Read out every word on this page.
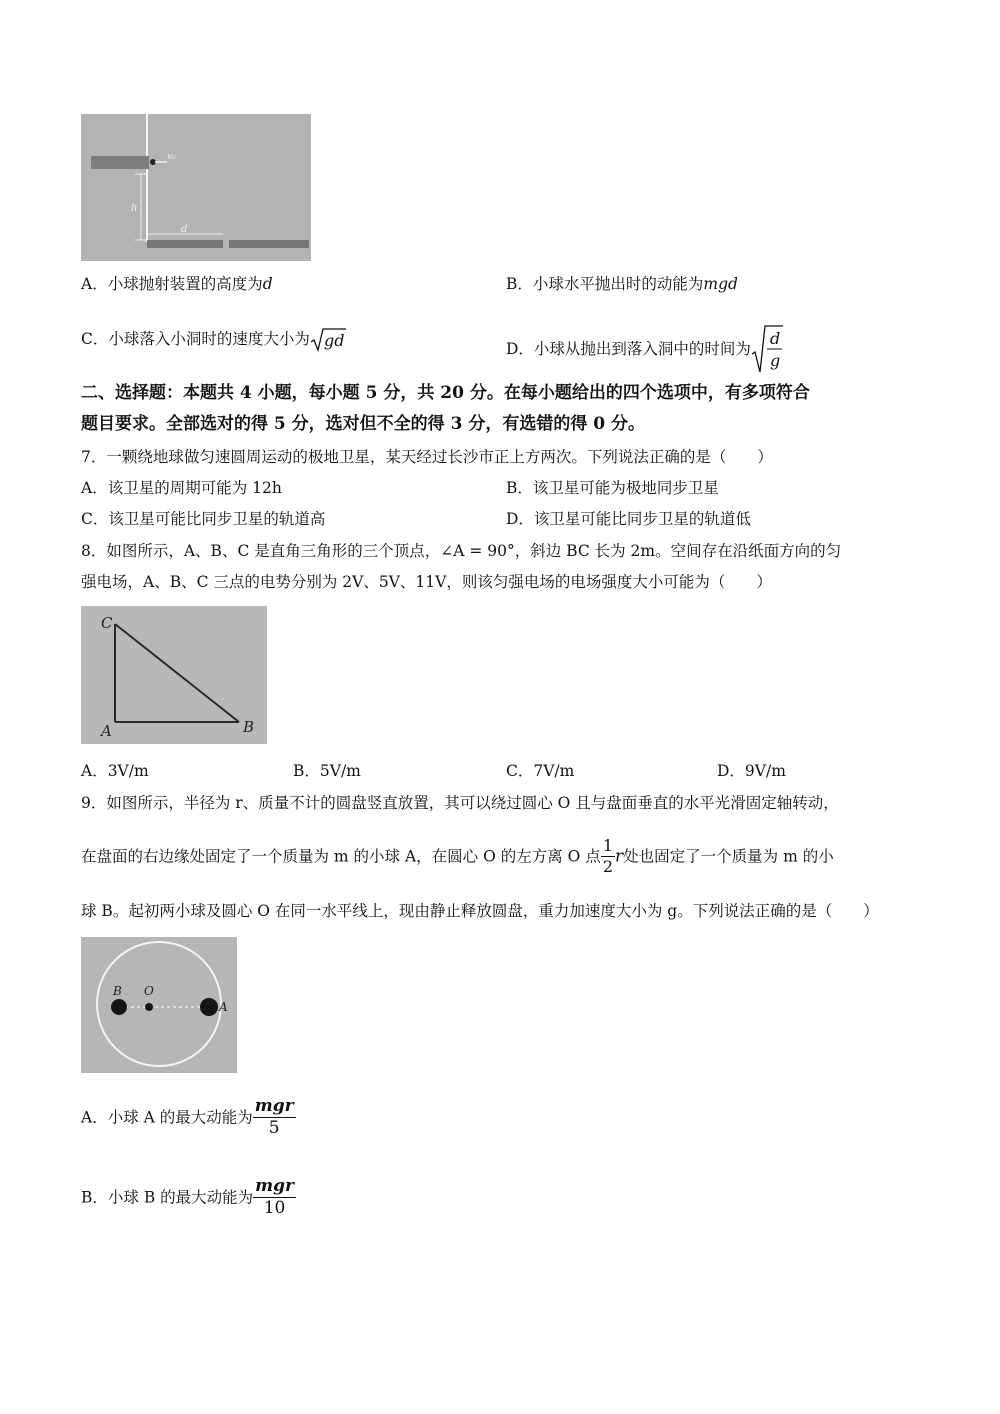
v₀
h
d
A．小球抛射装置的高度为d	B．小球水平抛出时的动能为mgd
C．小球落入小洞时的速度大小为 gd	D．小球从抛出到落入洞中的时间为
d
g
二、选择题：本题共 4 小题，每小题 5 分，共 20 分。在每小题给出的四个选项中，有多项符合
题目要求。全部选对的得 5 分，选对但不全的得 3 分，有选错的得 0 分。
7．一颗绕地球做匀速圆周运动的极地卫星，某天经过长沙市正上方两次。下列说法正确的是（　　）
A．该卫星的周期可能为 12h	B．该卫星可能为极地同步卫星
C．该卫星可能比同步卫星的轨道高	D．该卫星可能比同步卫星的轨道低
8．如图所示，A、B、C 是直角三角形的三个顶点，∠A = 90°，斜边 BC 长为 2m。空间存在沿纸面方向的匀
强电场，A、B、C 三点的电势分别为 2V、5V、11V，则该匀强电场的电场强度大小可能为（　　）
C
A	B
A．3V/m	B．5V/m	C．7V/m	D．9V/m
9．如图所示，半径为 r、质量不计的圆盘竖直放置，其可以绕过圆心 O 且与盘面垂直的水平光滑固定轴转动，
在盘面的右边缘处固定了一个质量为 m 的小球 A，在圆心 O 的左方离 O 点 $\frac{1}{2}$ r处也固定了一个质量为 m 的小
球 B。起初两小球及圆心 O 在同一水平线上，现由静止释放圆盘，重力加速度大小为 g。下列说法正确的是（　　）
B O
A
A．小球 A 的最大动能为 $\frac{\text{mgr}}{5}$
B．小球 B 的最大动能为 $\frac{\text{mgr}}{10}$
